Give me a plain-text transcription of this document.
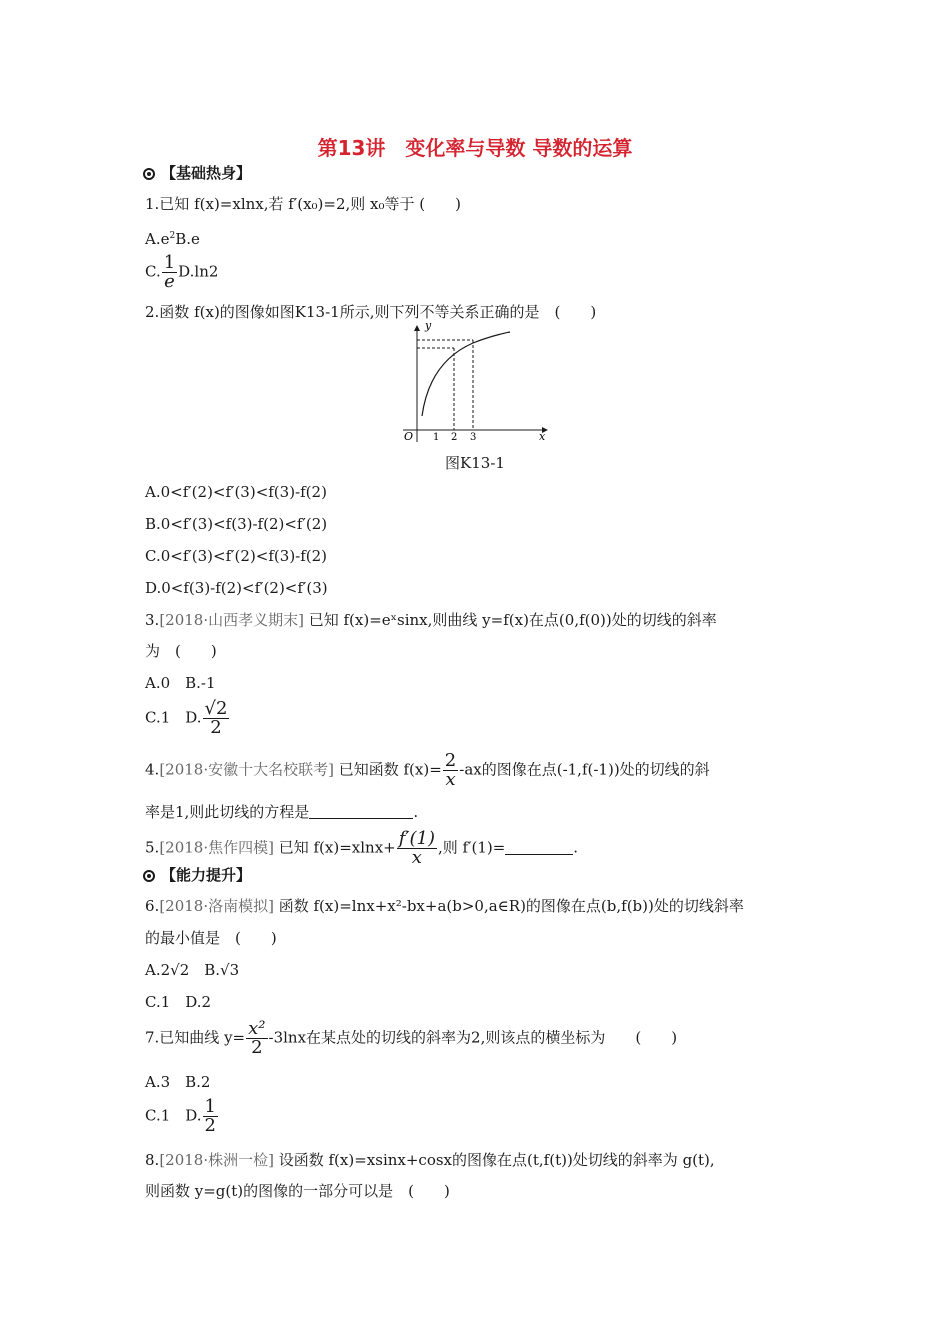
第13讲　变化率与导数 导数的运算
【基础热身】
1.已知 f(x)=xlnx,若 f′(x₀)=2,则 x₀等于 (　　)
$A.e^2B.e$
C. $\frac{1}{e} D.\ln 2$
2.函数 f(x)的图像如图K13-1所示,则下列不等关系正确的是　(　　)
y
x
O 1 2 3
图K13-1
A.0<f′(2)<f′(3)<f(3)-f(2)
B.0<f′(3)<f(3)-f(2)<f′(2)
C.0<f′(3)<f′(2)<f(3)-f(2)
D.0<f(3)-f(2)<f′(2)<f′(3)
3.[2018·山西孝义期末] 已知 f(x)=eˣsinx,则曲线 y=f(x)在点(0,f(0))处的切线的斜率
为　(　　)
A.0　B.-1
C.1　D. $\frac{√2}{2}$
4.[2018·安徽十大名校联考] 已知函数 $f(x)= \frac{2}{x} -ax$的图像在点(-1,f(-1))处的切线的斜
率是1,则此切线的方程是	.
5.[2018·焦作四模] 已知 $f(x)=xlnx+ \frac{f'(1)}{x}$ ,则 f′(1)=	.
【能力提升】
6.[2018·洛南模拟] 函数 f(x)=lnx+x²-bx+a(b>0,a∈R)的图像在点(b,f(b))处的切线斜率
的最小值是　(　　)
A.2√2　B.√3
C.1　D.2
7.已知曲线 $y= \frac{\text{x²}}{2} -3\ln x$在某点处的切线的斜率为2,则该点的横坐标为　　(　　)
A.3　B.2
C.1　D. $\frac{1}{2}$
8.[2018·株洲一检] 设函数 f(x)=xsinx+cosx的图像在点(t,f(t))处切线的斜率为 g(t),
则函数 y=g(t)的图像的一部分可以是　(　　)
